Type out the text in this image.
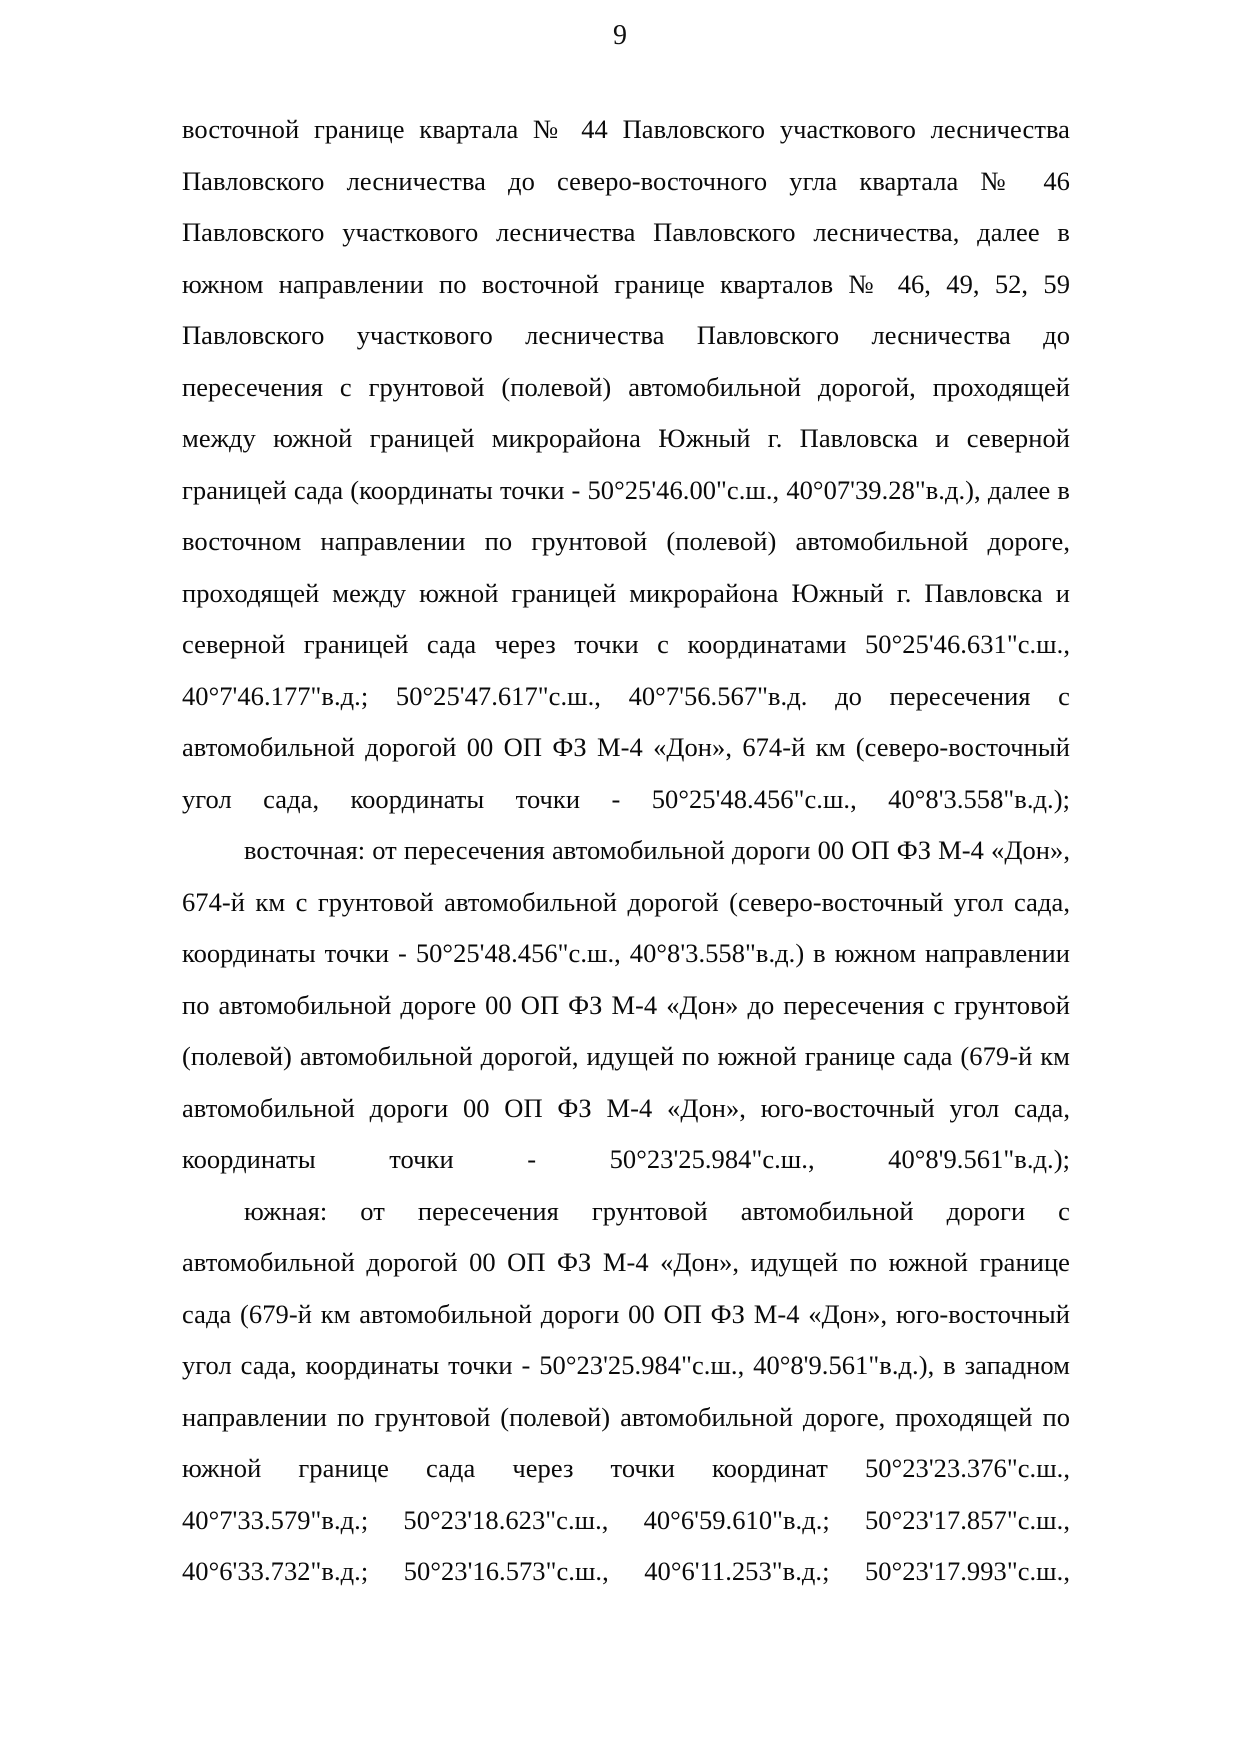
9

восточной границе квартала № 44 Павловского участкового лесничества Павловского лесничества до северо-восточного угла квартала № 46 Павловского участкового лесничества Павловского лесничества, далее в южном направлении по восточной границе кварталов № 46, 49, 52, 59 Павловского участкового лесничества Павловского лесничества до пересечения с грунтовой (полевой) автомобильной дорогой, проходящей между южной границей микрорайона Южный г. Павловска и северной границей сада (координаты точки - 50°25'46.00"с.ш., 40°07'39.28"в.д.), далее в восточном направлении по грунтовой (полевой) автомобильной дороге, проходящей между южной границей микрорайона Южный г. Павловска и северной границей сада через точки с координатами 50°25'46.631"с.ш., 40°7'46.177"в.д.; 50°25'47.617"с.ш., 40°7'56.567"в.д. до пересечения с автомобильной дорогой 00 ОП ФЗ М-4 «Дон», 674-й км (северо-восточный угол сада, координаты точки - 50°25'48.456"с.ш., 40°8'3.558"в.д.);

восточная: от пересечения автомобильной дороги 00 ОП ФЗ М-4 «Дон», 674-й км с грунтовой автомобильной дорогой (северо-восточный угол сада, координаты точки - 50°25'48.456"с.ш., 40°8'3.558"в.д.) в южном направлении по автомобильной дороге 00 ОП ФЗ М-4 «Дон» до пересечения с грунтовой (полевой) автомобильной дорогой, идущей по южной границе сада (679-й км автомобильной дороги 00 ОП ФЗ М-4 «Дон», юго-восточный угол сада, координаты точки - 50°23'25.984"с.ш., 40°8'9.561"в.д.);

южная: от пересечения грунтовой автомобильной дороги с автомобильной дорогой 00 ОП ФЗ М-4 «Дон», идущей по южной границе сада (679-й км автомобильной дороги 00 ОП ФЗ М-4 «Дон», юго-восточный угол сада, координаты точки - 50°23'25.984"с.ш., 40°8'9.561"в.д.), в западном направлении по грунтовой (полевой) автомобильной дороге, проходящей по южной границе сада через точки координат 50°23'23.376"с.ш., 40°7'33.579"в.д.; 50°23'18.623"с.ш., 40°6'59.610"в.д.; 50°23'17.857"с.ш., 40°6'33.732"в.д.; 50°23'16.573"с.ш., 40°6'11.253"в.д.; 50°23'17.993"с.ш.,
